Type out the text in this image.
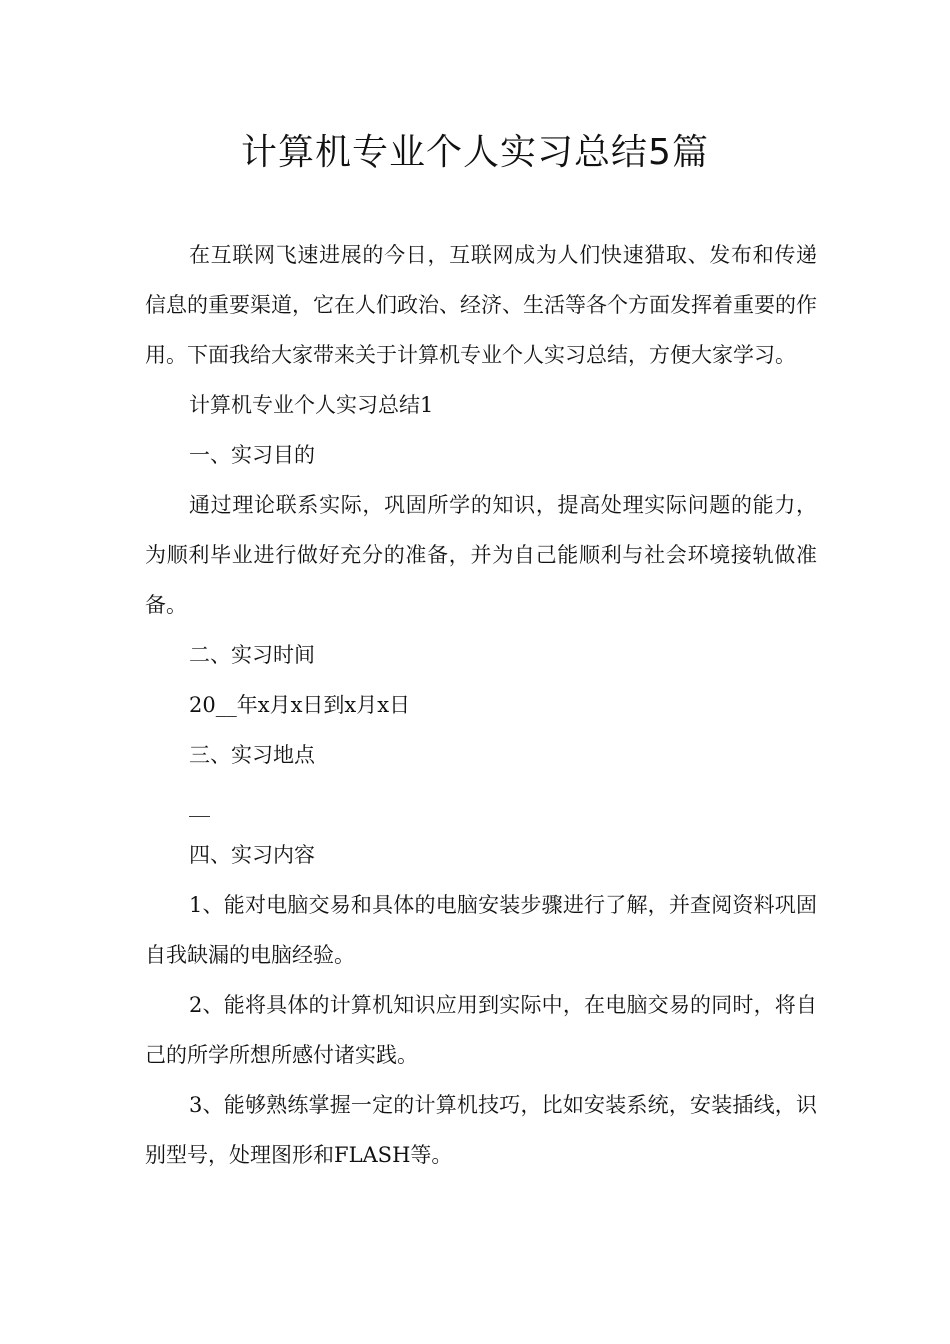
计算机专业个人实习总结5篇

在互联网飞速进展的今日，互联网成为人们快速猎取、发布和传递信息的重要渠道，它在人们政治、经济、生活等各个方面发挥着重要的作用。下面我给大家带来关于计算机专业个人实习总结，方便大家学习。

计算机专业个人实习总结1

一、实习目的

通过理论联系实际，巩固所学的知识，提高处理实际问题的能力，为顺利毕业进行做好充分的准备，并为自己能顺利与社会环境接轨做准备。

二、实习时间

20__年x月x日到x月x日

三、实习地点

__

四、实习内容

1、能对电脑交易和具体的电脑安装步骤进行了解，并查阅资料巩固自我缺漏的电脑经验。

2、能将具体的计算机知识应用到实际中，在电脑交易的同时，将自己的所学所想所感付诸实践。

3、能够熟练掌握一定的计算机技巧，比如安装系统，安装插线，识别型号，处理图形和FLASH等。
